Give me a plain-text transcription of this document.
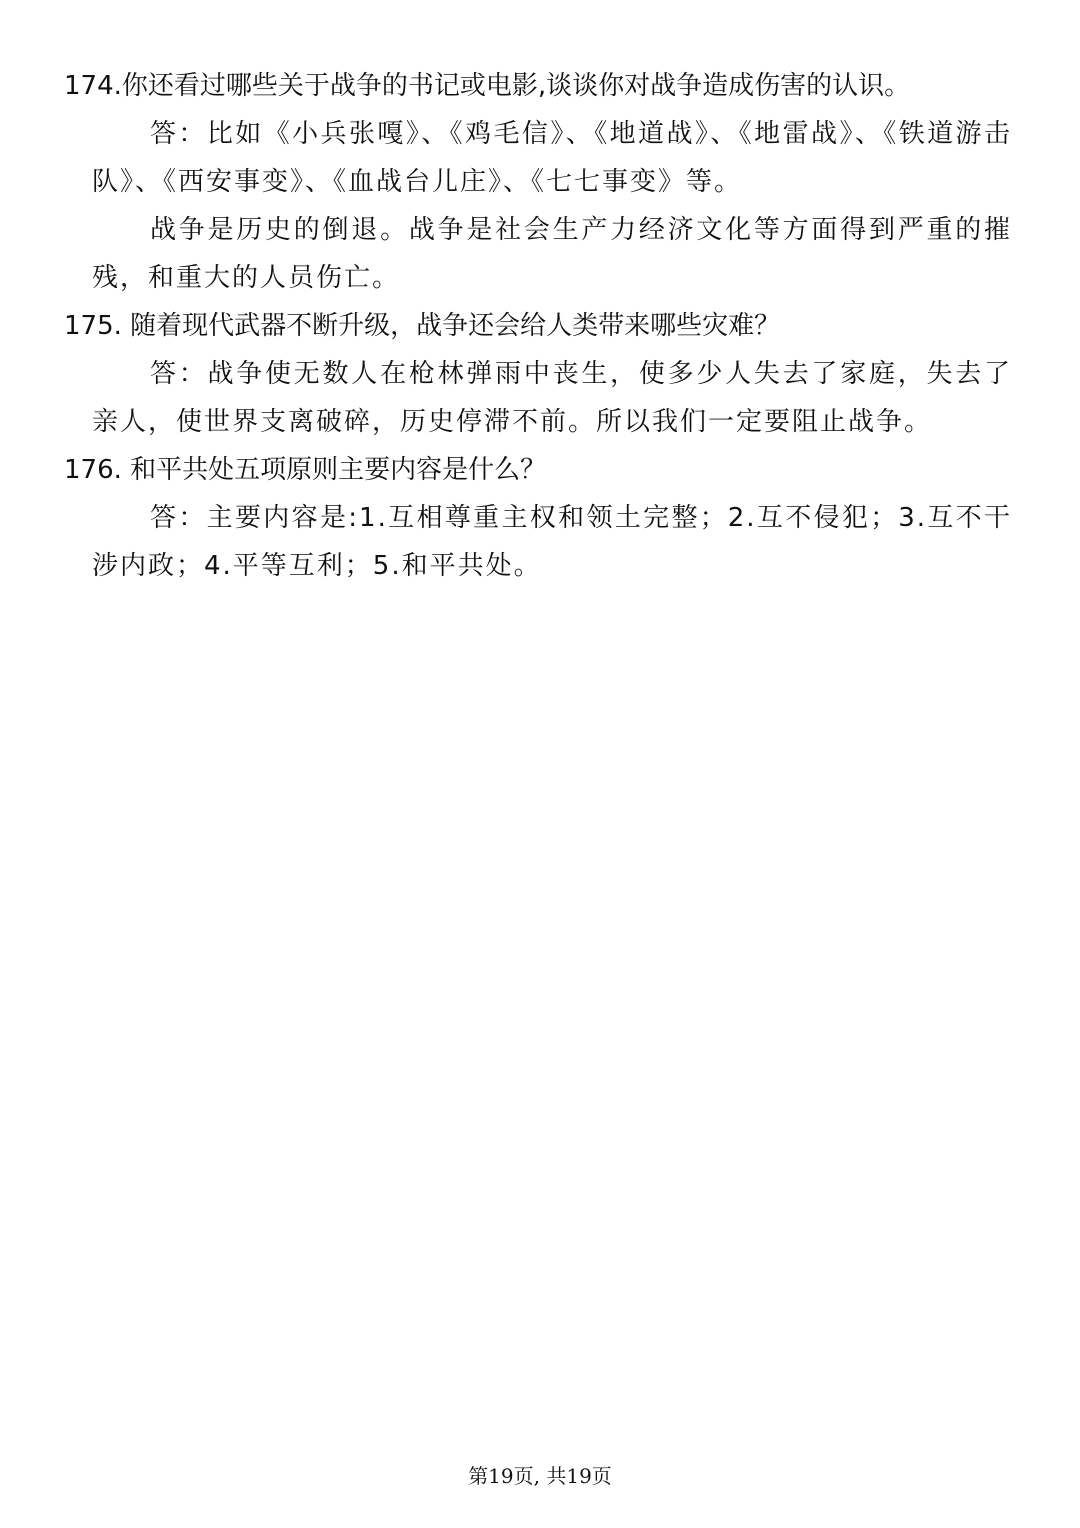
174.你还看过哪些关于战争的书记或电影,谈谈你对战争造成伤害的认识。

答：比如《小兵张嘎》、《鸡毛信》、《地道战》、《地雷战》、《铁道游击队》、《西安事变》、《血战台儿庄》、《七七事变》等。

战争是历史的倒退。战争是社会生产力经济文化等方面得到严重的摧残，和重大的人员伤亡。

175. 随着现代武器不断升级，战争还会给人类带来哪些灾难？

答：战争使无数人在枪林弹雨中丧生，使多少人失去了家庭，失去了亲人，使世界支离破碎，历史停滞不前。所以我们一定要阻止战争。

176. 和平共处五项原则主要内容是什么？

答：主要内容是:1.互相尊重主权和领土完整；2.互不侵犯；3.互不干涉内政；4.平等互利；5.和平共处。

第19页, 共19页
